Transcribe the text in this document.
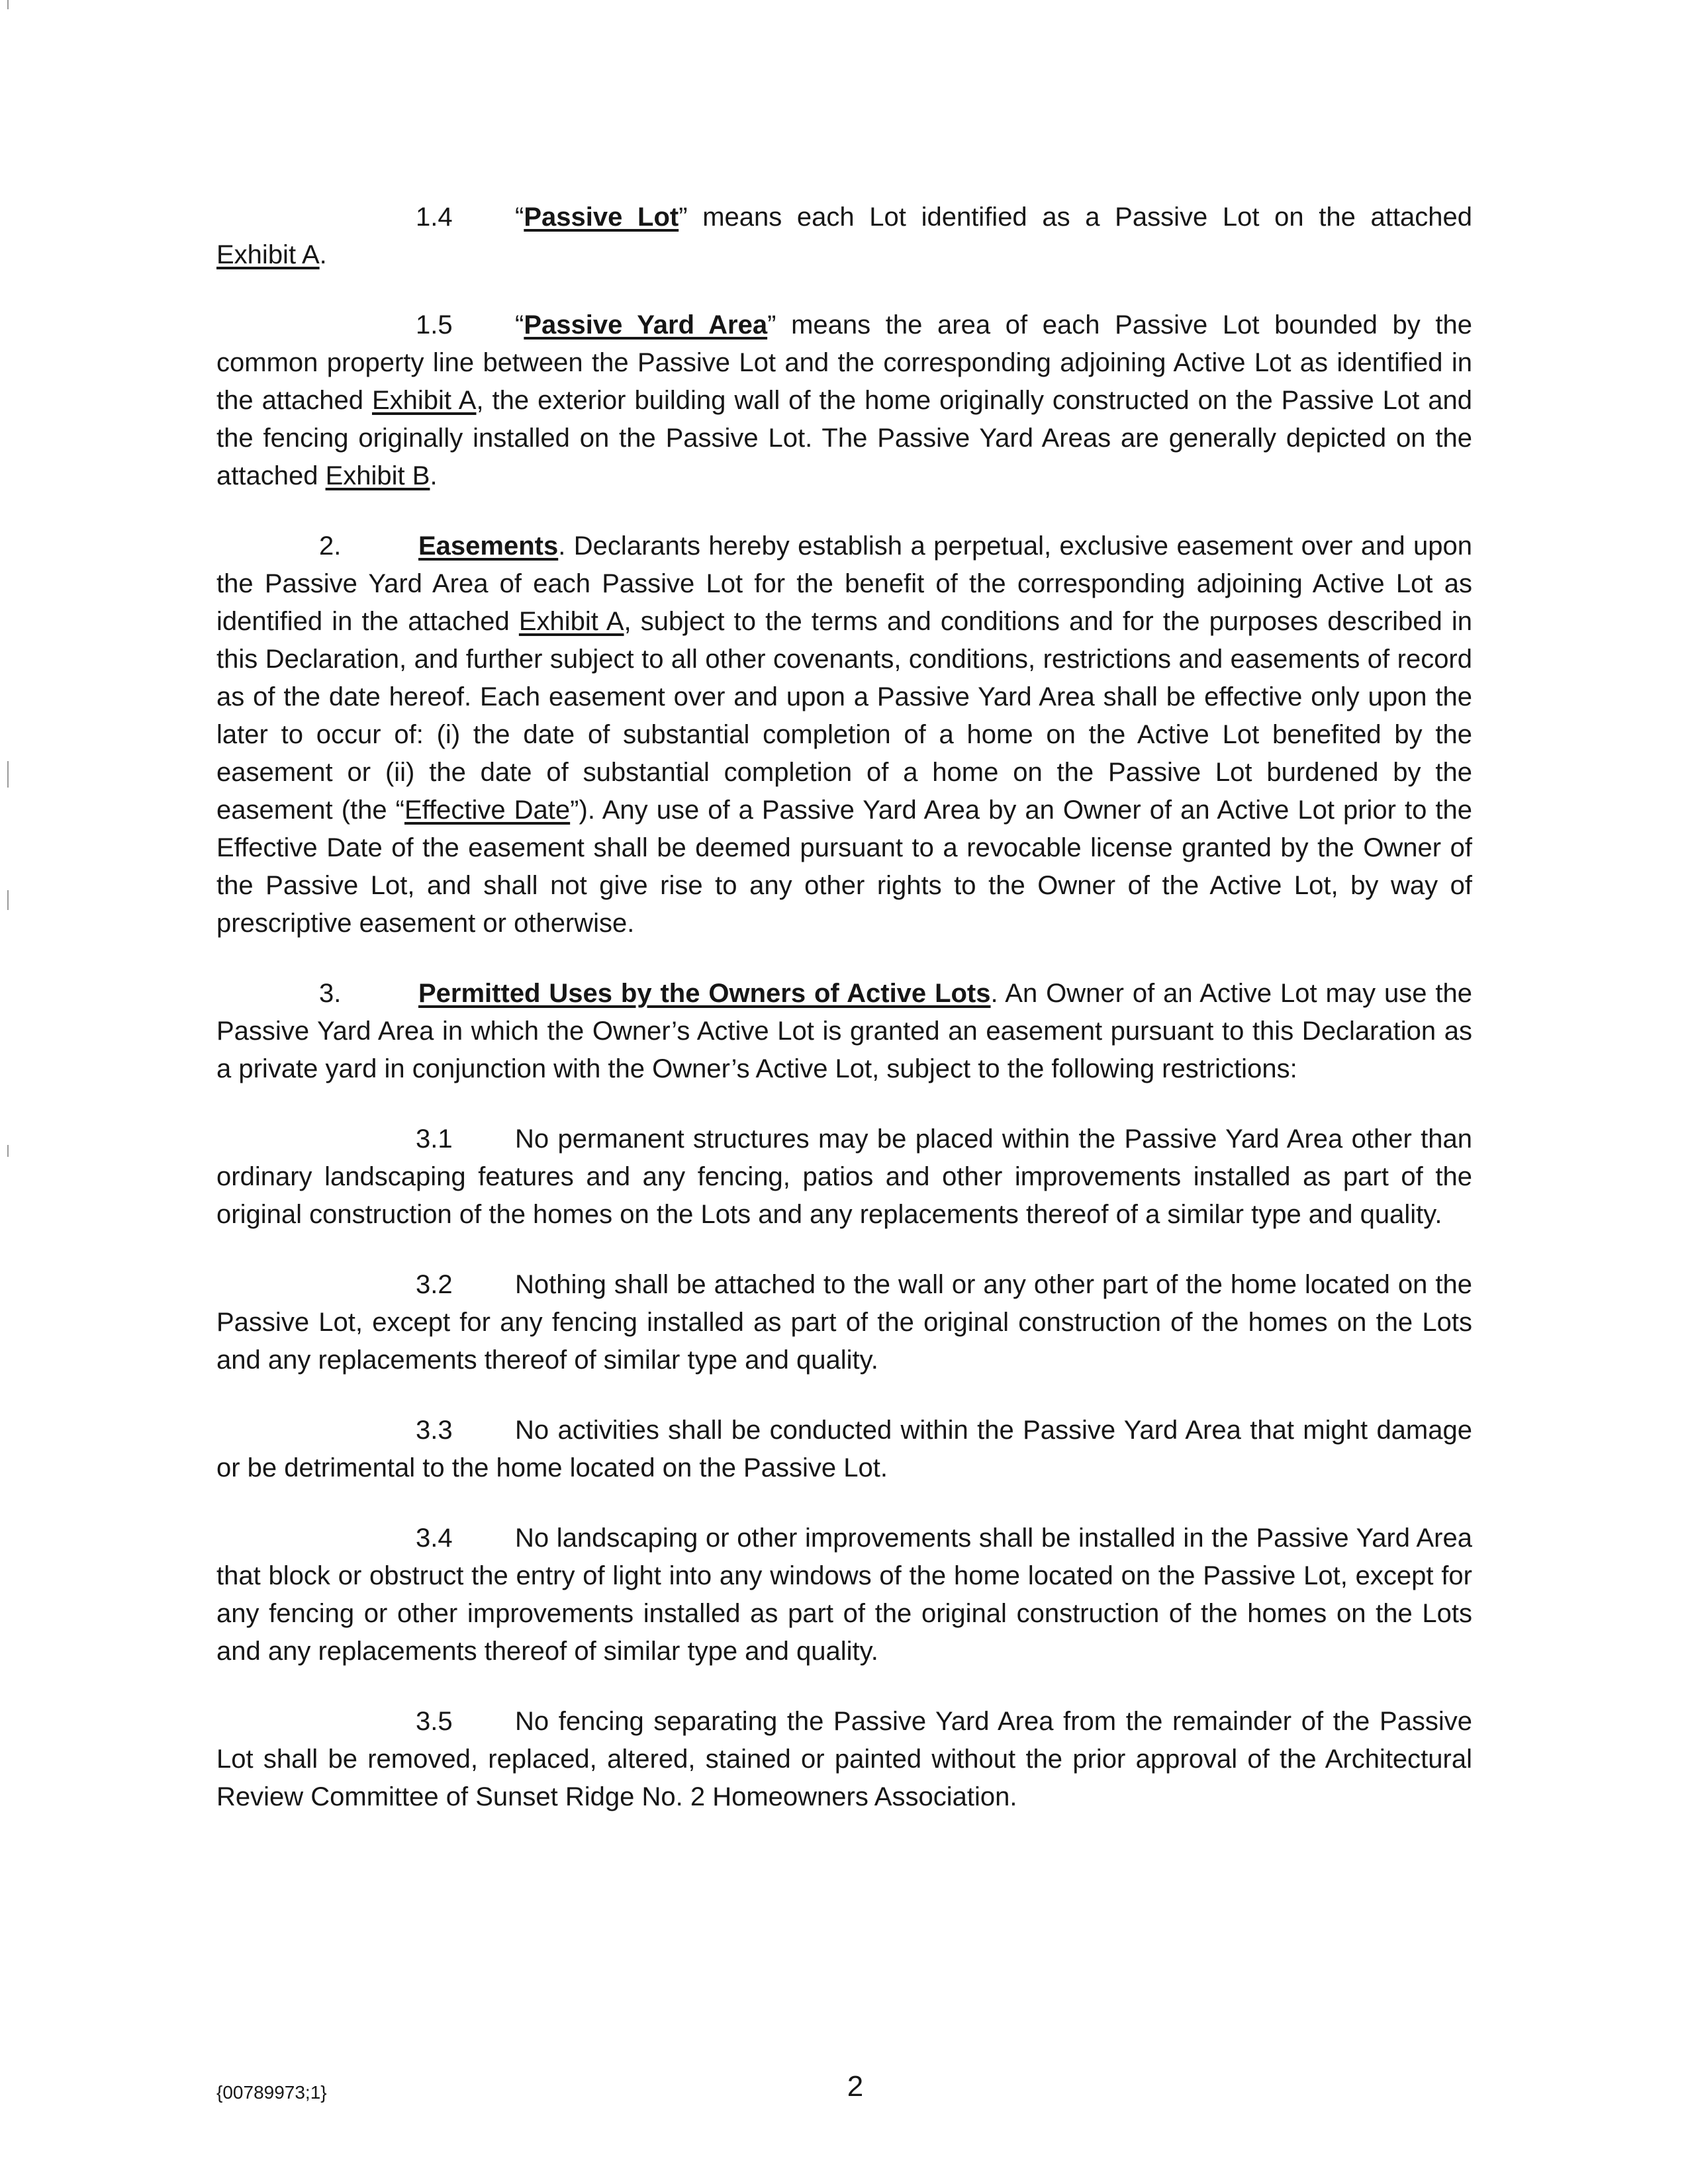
1.4 “Passive Lot” means each Lot identified as a Passive Lot on the attached

Exhibit A.

1.5 “Passive Yard Area” means the area of each Passive Lot bounded by the common property line between the Passive Lot and the corresponding adjoining Active Lot as identified in the attached Exhibit A, the exterior building wall of the home originally constructed on the Passive Lot and the fencing originally installed on the Passive Lot. The Passive Yard Areas are generally depicted on the attached Exhibit B.

2.	Easements. Declarants hereby establish a perpetual, exclusive easement over and upon the Passive Yard Area of each Passive Lot for the benefit of the corresponding adjoining Active Lot as identified in the attached Exhibit A, subject to the terms and conditions and for the purposes described in this Declaration, and further subject to all other covenants, conditions, restrictions and easements of record as of the date hereof. Each easement over and upon a Passive Yard Area shall be effective only upon the later to occur of: (i) the date of substantial completion of a home on the Active Lot benefited by the easement or (ii) the date of substantial completion of a home on the Passive Lot burdened by the easement (the “Effective Date”). Any use of a Passive Yard Area by an Owner of an Active Lot prior to the Effective Date of the easement shall be deemed pursuant to a revocable license granted by the Owner of the Passive Lot, and shall not give rise to any other rights to the Owner of the Active Lot, by way of prescriptive easement or otherwise.

3.	Permitted Uses by the Owners of Active Lots. An Owner of an Active Lot may use the Passive Yard Area in which the Owner’s Active Lot is granted an easement pursuant to this Declaration as a private yard in conjunction with the Owner’s Active Lot, subject to the following restrictions:

3.1 No permanent structures may be placed within the Passive Yard Area other than ordinary landscaping features and any fencing, patios and other improvements installed as part of the original construction of the homes on the Lots and any replacements thereof of a similar type and quality.

3.2 Nothing shall be attached to the wall or any other part of the home located on the Passive Lot, except for any fencing installed as part of the original construction of the homes on the Lots and any replacements thereof of similar type and quality.

3.3 No activities shall be conducted within the Passive Yard Area that might damage or be detrimental to the home located on the Passive Lot.

3.4 No landscaping or other improvements shall be installed in the Passive Yard Area that block or obstruct the entry of light into any windows of the home located on the Passive Lot, except for any fencing or other improvements installed as part of the original construction of the homes on the Lots and any replacements thereof of similar type and quality.

3.5 No fencing separating the Passive Yard Area from the remainder of the Passive Lot shall be removed, replaced, altered, stained or painted without the prior approval of the Architectural Review Committee of Sunset Ridge No. 2 Homeowners Association.

{00789973;1}	2
